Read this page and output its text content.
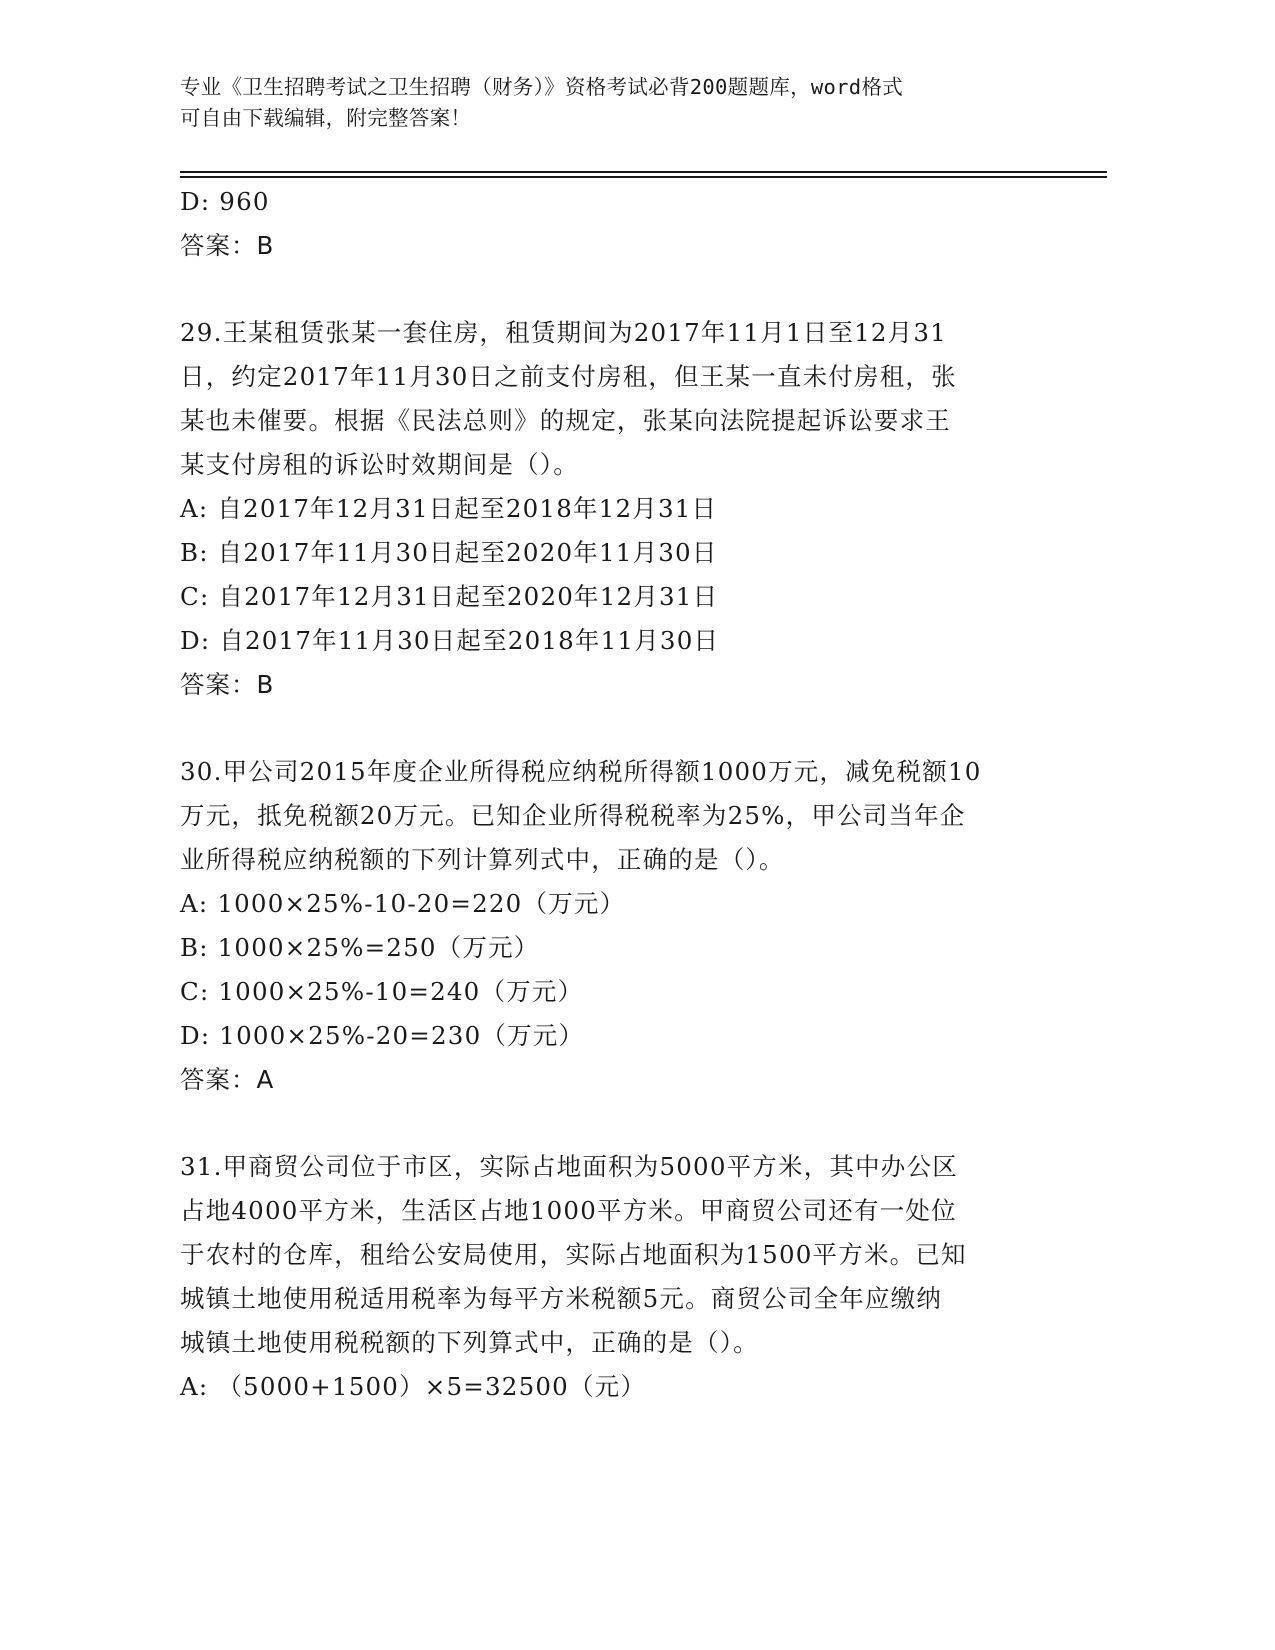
专业《卫生招聘考试之卫生招聘（财务）》资格考试必背200题题库，word格式
可自由下载编辑，附完整答案！
D: 960
答案：B
29.王某租赁张某一套住房，租赁期间为2017年11月1日至12月31
日，约定2017年11月30日之前支付房租，但王某一直未付房租，张
某也未催要。根据《民法总则》的规定，张某向法院提起诉讼要求王
某支付房租的诉讼时效期间是（）。
A: 自2017年12月31日起至2018年12月31日
B: 自2017年11月30日起至2020年11月30日
C: 自2017年12月31日起至2020年12月31日
D: 自2017年11月30日起至2018年11月30日
答案：B
30.甲公司2015年度企业所得税应纳税所得额1000万元，减免税额10
万元，抵免税额20万元。已知企业所得税税率为25%，甲公司当年企
业所得税应纳税额的下列计算列式中，正确的是（）。
A: 1000×25%-10-20=220（万元）
B: 1000×25%=250（万元）
C: 1000×25%-10=240（万元）
D: 1000×25%-20=230（万元）
答案：A
31.甲商贸公司位于市区，实际占地面积为5000平方米，其中办公区
占地4000平方米，生活区占地1000平方米。甲商贸公司还有一处位
于农村的仓库，租给公安局使用，实际占地面积为1500平方米。已知
城镇土地使用税适用税率为每平方米税额5元。商贸公司全年应缴纳
城镇土地使用税税额的下列算式中，正确的是（）。
A: （5000+1500）×5=32500（元）
